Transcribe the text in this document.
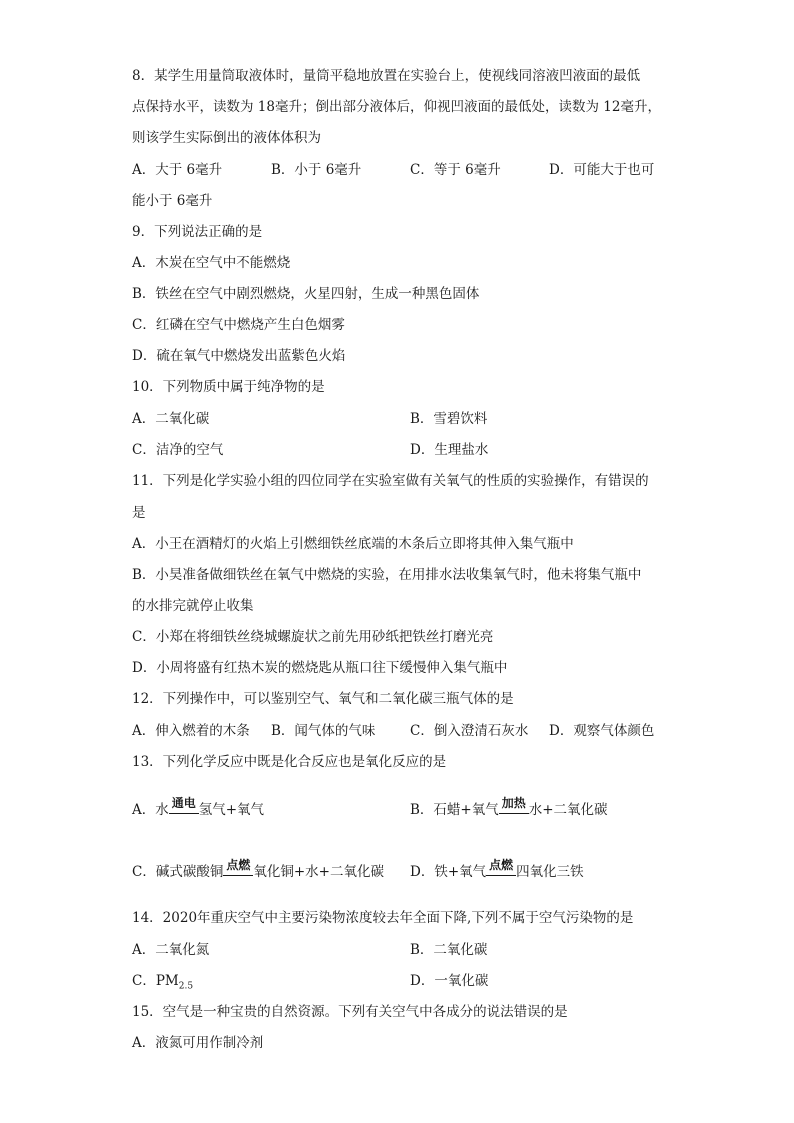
8．某学生用量筒取液体时，量筒平稳地放置在实验台上，使视线同溶液凹液面的最低
点保持水平，读数为 18毫升；倒出部分液体后，仰视凹液面的最低处，读数为 12毫升，
则该学生实际倒出的液体体积为
A．大于 6毫升	B．小于 6毫升	C．等于 6毫升	D．可能大于也可
能小于 6毫升
9．下列说法正确的是
A．木炭在空气中不能燃烧
B．铁丝在空气中剧烈燃烧，火星四射，生成一种黑色固体
C．红磷在空气中燃烧产生白色烟雾
D．硫在氧气中燃烧发出蓝紫色火焰
10．下列物质中属于纯净物的是
A．二氧化碳	B．雪碧饮料
C．洁净的空气	D．生理盐水
11．下列是化学实验小组的四位同学在实验室做有关氧气的性质的实验操作，有错误的
是
A．小王在酒精灯的火焰上引燃细铁丝底端的木条后立即将其伸入集气瓶中
B．小昊准备做细铁丝在氧气中燃烧的实验，在用排水法收集氧气时，他未将集气瓶中
的水排完就停止收集
C．小郑在将细铁丝绕城螺旋状之前先用砂纸把铁丝打磨光亮
D．小周将盛有红热木炭的燃烧匙从瓶口往下缓慢伸入集气瓶中
12．下列操作中，可以鉴别空气、氧气和二氧化碳三瓶气体的是
A．伸入燃着的木条 B．闻气体的气味	C．倒入澄清石灰水 D．观察气体颜色
13．下列化学反应中既是化合反应也是氧化反应的是
A．水 通电 氢气+氧气	B．石蜡+氧气 加热 水+二氧化碳
C．碱式碳酸铜 点燃 氧化铜+水+二氧化碳 D．铁+氧气 点燃 四氧化三铁
14．2020年重庆空气中主要污染物浓度较去年全面下降,下列不属于空气污染物的是
A．二氧化氮	B．二氧化碳
C．$PM_{2.5}$	D．一氧化碳
15．空气是一种宝贵的自然资源。下列有关空气中各成分的说法错误的是
A．液氮可用作制冷剂
